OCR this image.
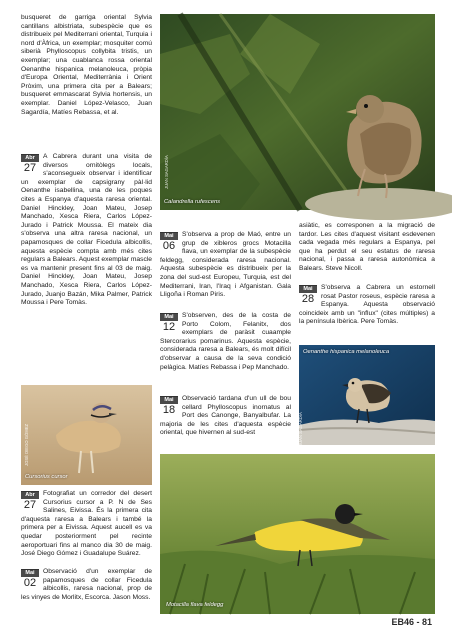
busqueret de garriga oriental Sylvia cantillans albistriata, subespècie que es distribueix pel Mediterrani oriental, Turquia i nord d'Àfrica, un exemplar; mosquiter comú siberià Phylloscopus collybita tristis, un exemplar; una cuablanca rossa oriental Oenanthe hispanica melanoleuca, pròpia d'Europa Oriental, Mediterrània i Orient Pròxim, una primera cita per a Balears; busqueret emmascarat Sylvia hortensis, un exemplar. Daniel López-Velasco, Juan Sagardía, Matíes Rebassa, et al.

Calandrella rufescens
JUAN SAGARDÍA
Abr
27
A Cabrera durant una visita de diversos ornitòlegs locals, s'aconsegueix observar i identificar un exemplar de capsigrany pàl·lid Oenanthe isabellina, una de les poques cites a Espanya d'aquesta raresa oriental. Daniel Hinckley, Joan Mateu, Josep Manchado, Xesca Riera, Carlos López-Jurado i Patrick Moussa. El mateix dia s'observa una altra raresa nacional, un papamosques de collar Ficedula albicollis, aquesta espècie compta amb més cites regulars a Balears. Aquest exemplar mascle es va mantenir present fins al 03 de maig. Daniel Hinckley, Joan Mateu, Josep Manchado, Xesca Riera, Carlos López-Jurado, Juanjo Bazán, Mika Palmer, Patrick Moussa i Pere Tomàs.
Cursorius cursor
JOSÉ DIEGO GÓMEZ
Abr
27
Fotografiat un corredor del desert Cursorius cursor a P. N de Ses Salines, Eivissa. És la primera cita d'aquesta raresa a Balears i també la primera per a Eivissa. Aquest aucell es va quedar posteriorment pel recinte aeroportuari fins al manco dia 30 de maig. José Diego Gómez i Guadalupe Suárez.
Mai
02
Observació d'un exemplar de papamosques de collar Ficedula albicollis, raresa nacional, prop de les vinyes de Morlitx, Escorca. Jason Moss.
Mai
06
S'observa a prop de Maó, entre un grup de xibleros grocs Motacilla flava, un exemplar de la subespècie feldegg, considerada raresa nacional. Aquesta subespècie es distribueix per la zona del sud-est Europeu, Turquia, est del Mediterrani, Iran, l'Iraq i Afganistan. Gala Lligoña i Roman Piris.
Mai
12
S'observen, des de la costa de Porto Colom, Felanitx, dos exemplars de paràsit cuaample Stercorarius pomarinus. Aquesta espècie, considerada raresa a Balears, és molt difícil d'observar a causa de la seva condició pelàgica. Matíes Rebassa i Pep Manchado.
Mai
18
Observació tardana d'un ull de bou cellard Phylloscopus inornatus al Port des Canonge, Banyalbufar. La majoria de les cites d'aquesta espècie oriental, que hivernen al sud-est

asiàtic, es corresponen a la migració de tardor. Les cites d'aquest visitant esdevenen cada vegada més regulars a Espanya, pel que ha perdut el seu estatus de raresa nacional, i passa a raresa autonòmica a Balears. Steve Nicoll.

Mai
28
S'observa a Cabrera un estornell rosat Pastor roseus, espècie raresa a Espanya. Aquesta observació coincideix amb un "influx" (cites múltiples) a la península Ibèrica. Pere Tomàs.
Oenanthe hispanica melanoleuca
JUAN SAGARDÍA
Motacilla flava feldegg
EB46 - 81
